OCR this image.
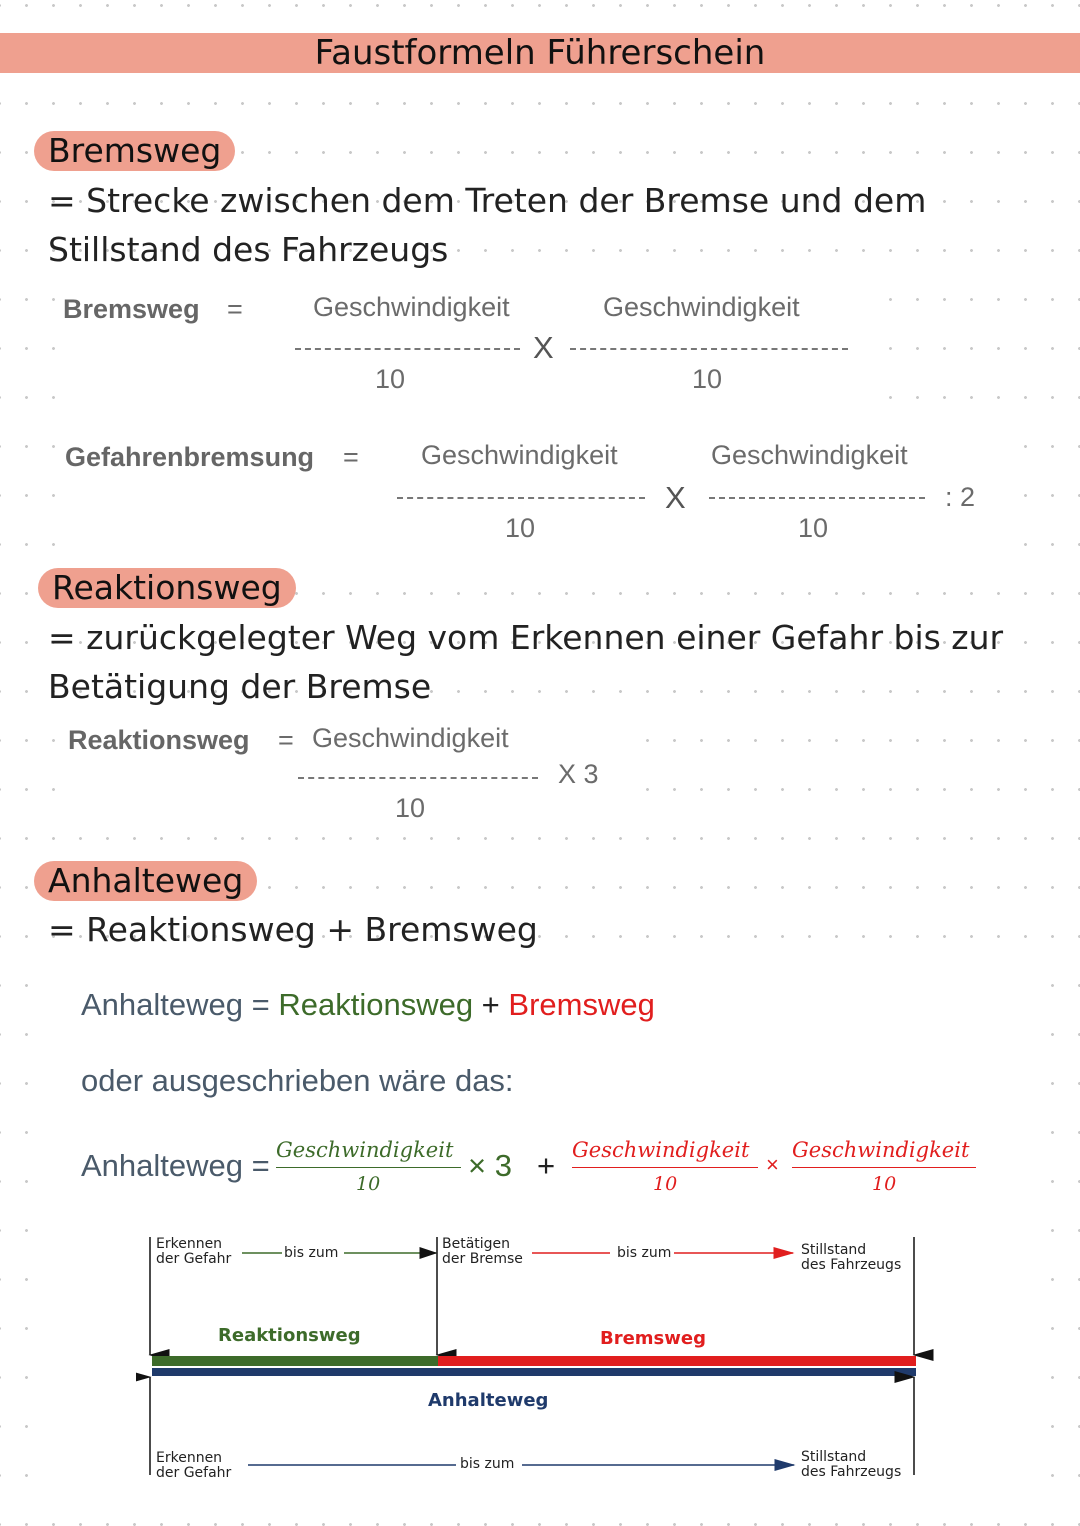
Faustformeln Führerschein
Bremsweg
= Strecke zwischen dem Treten der Bremse und dem
Stillstand des Fahrzeugs
Bremsweg =	Geschwindigkeit
10
X
Geschwindigkeit
10
Gefahrenbremsung = Geschwindigkeit
10
X
Geschwindigkeit
10
: 2
Reaktionsweg
= zurückgelegter Weg vom Erkennen einer Gefahr bis zur
Betätigung der Bremse
Reaktionsweg = Geschwindigkeit
10
X 3
Anhalteweg
= Reaktionsweg + Bremsweg
Anhalteweg = Reaktionsweg + Bremsweg
oder ausgeschrieben wäre das:
Anhalteweg = Geschwindigkeit
10
× 3 + Geschwindigkeit
10
×
Geschwindigkeit
10
Erkennen
der Gefahr	bis zum
Betätigen
der Bremse	bis zum	Stillstand
des Fahrzeugs
Reaktionsweg	Bremsweg
Anhalteweg
Erkennen
der Gefahr
bis zum	Stillstand
des Fahrzeugs
